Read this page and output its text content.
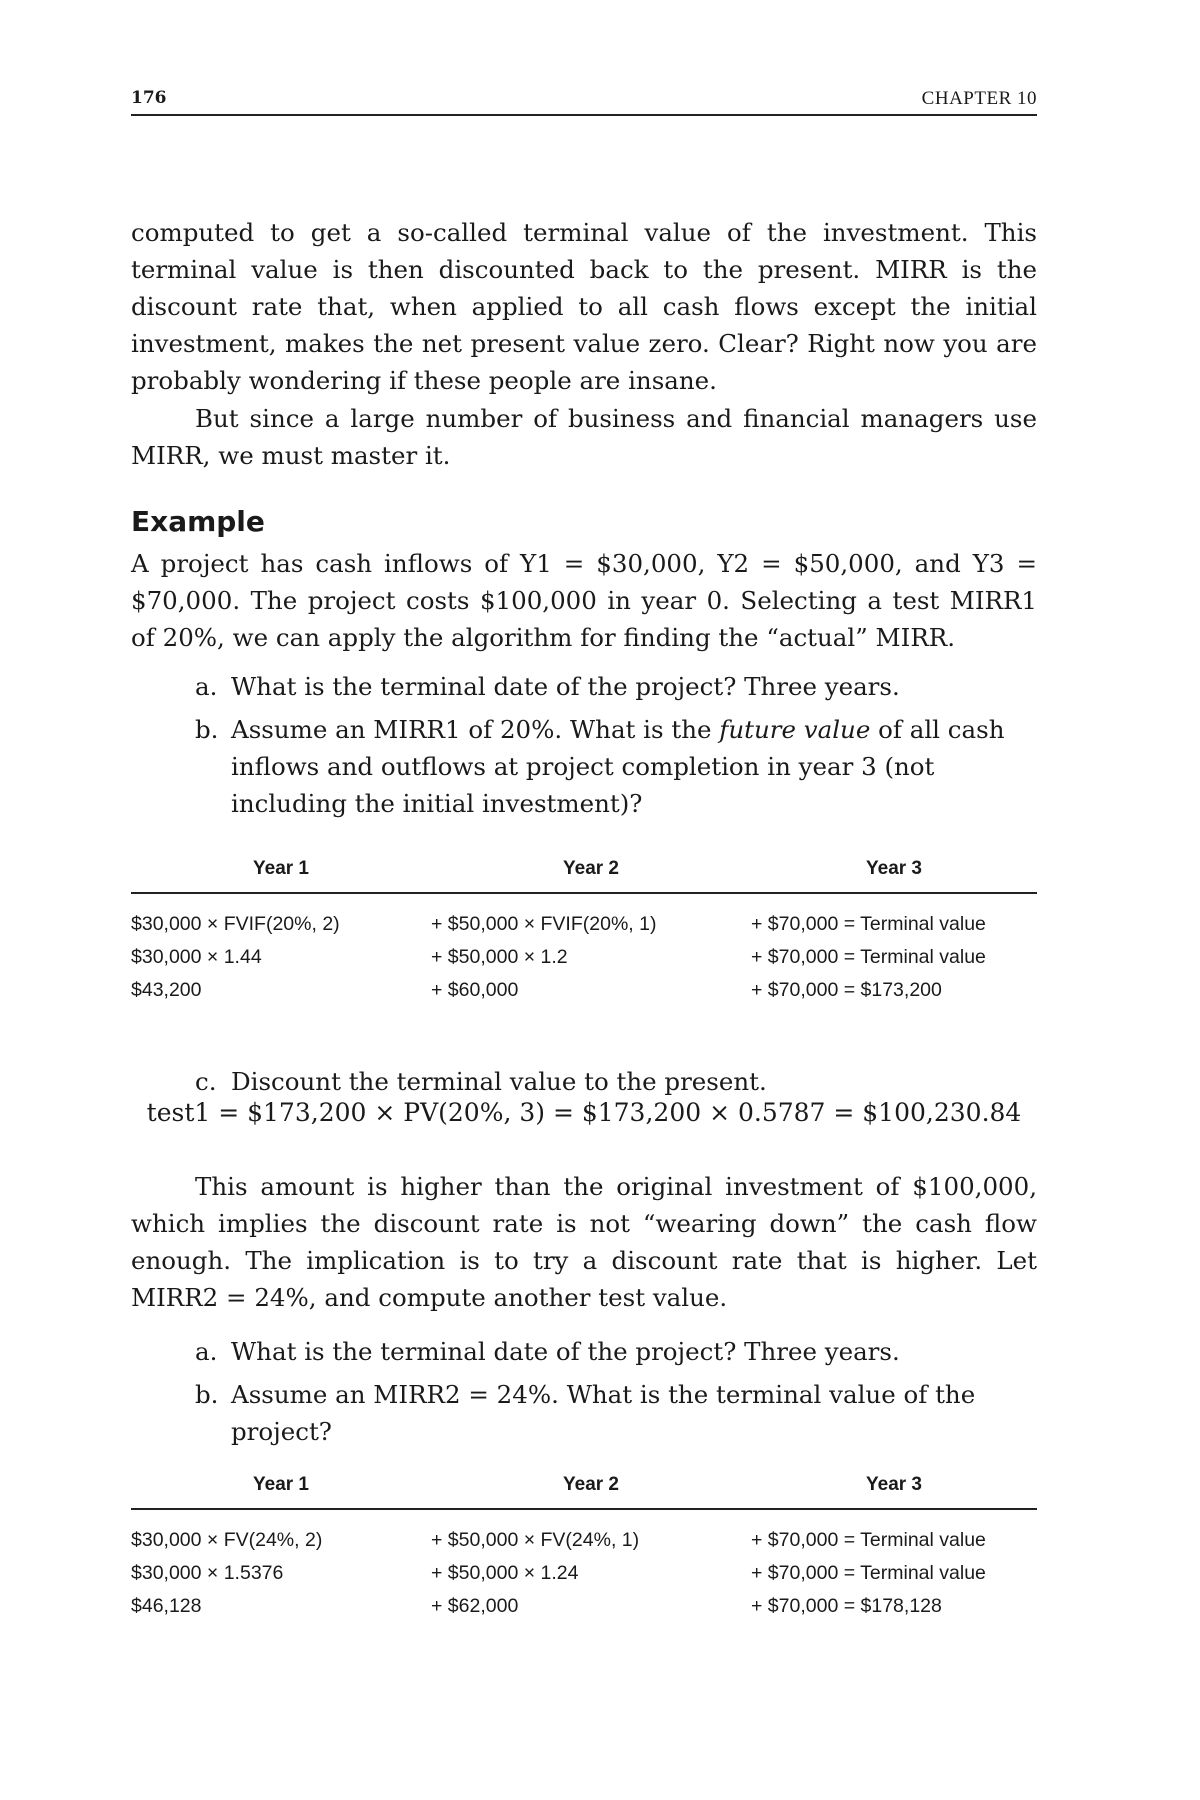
176	CHAPTER 10

computed to get a so-called terminal value of the investment. This terminal value is then discounted back to the present. MIRR is the discount rate that, when applied to all cash flows except the initial investment, makes the net present value zero. Clear? Right now you are probably wondering if these people are insane.

But since a large number of business and financial managers use MIRR, we must master it.

Example

A project has cash inflows of Y1 = $30,000, Y2 = $50,000, and Y3 = $70,000. The project costs $100,000 in year 0. Selecting a test MIRR1 of 20%, we can apply the algorithm for finding the “actual” MIRR.

a. What is the terminal date of the project? Three years.
b. Assume an MIRR1 of 20%. What is the future value of all cash inflows and outflows at project completion in year 3 (not including the initial investment)?
Year 1	Year 2	Year 3
$30,000 × FVIF(20%, 2)	+ $50,000 × FVIF(20%, 1)	+ $70,000 = Terminal value
$30,000 × 1.44	+ $50,000 × 1.2	+ $70,000 = Terminal value
$43,200	+ $60,000	+ $70,000 = $173,200
c. Discount the terminal value to the present.

test1 = $173,200 × PV(20%, 3) = $173,200 × 0.5787 = $100,230.84

This amount is higher than the original investment of $100,000, which implies the discount rate is not “wearing down” the cash flow enough. The implication is to try a discount rate that is higher. Let MIRR2 = 24%, and compute another test value.

a. What is the terminal date of the project? Three years.
b. Assume an MIRR2 = 24%. What is the terminal value of the project?
Year 1	Year 2	Year 3
$30,000 × FV(24%, 2)	+ $50,000 × FV(24%, 1)	+ $70,000 = Terminal value
$30,000 × 1.5376	+ $50,000 × 1.24	+ $70,000 = Terminal value
$46,128	+ $62,000	+ $70,000 = $178,128
